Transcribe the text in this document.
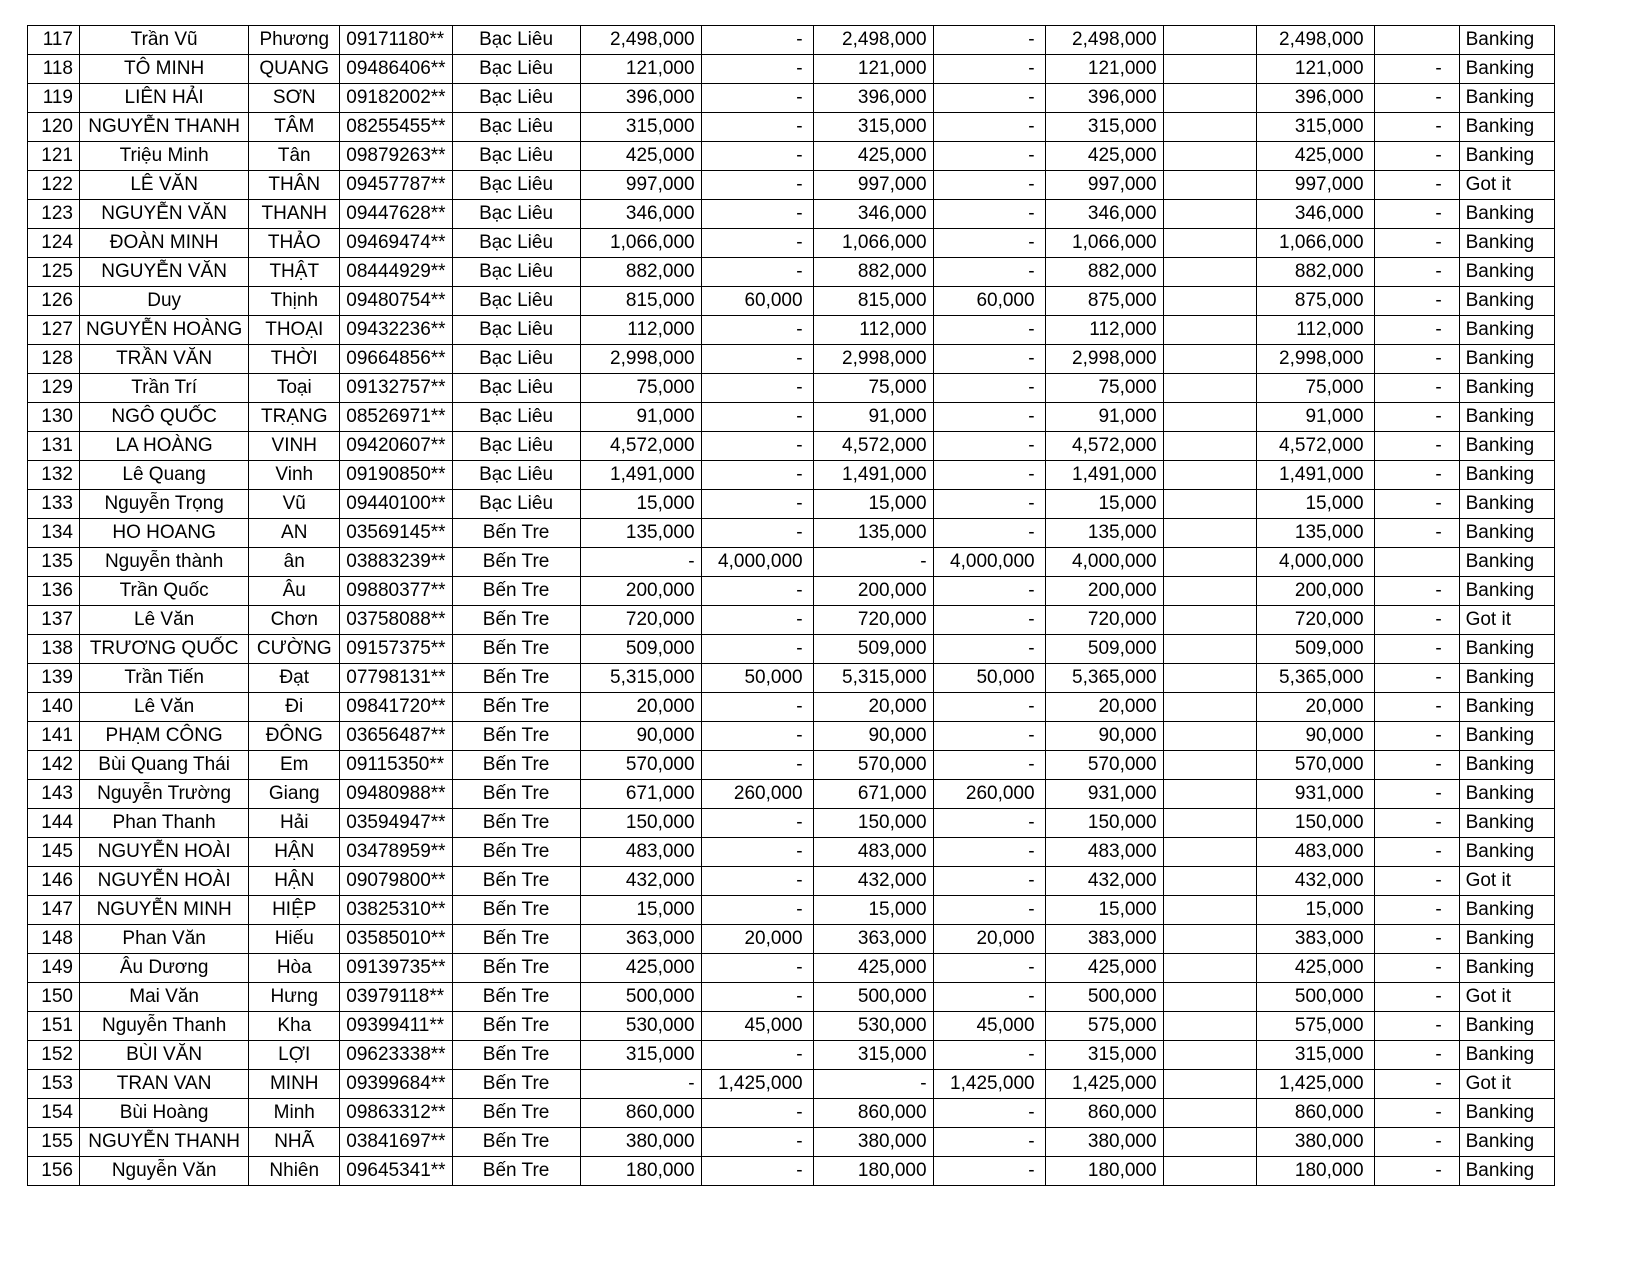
117	Trần Vũ	Phương	09171180**	Bạc Liêu	2,498,000	-	2,498,000	-	2,498,000		2,498,000		Banking
118	TÔ MINH	QUANG	09486406**	Bạc Liêu	121,000	-	121,000	-	121,000		121,000	-	Banking
119	LIÊN HẢI	SƠN	09182002**	Bạc Liêu	396,000	-	396,000	-	396,000		396,000	-	Banking
120	NGUYỄN THANH	TÂM	08255455**	Bạc Liêu	315,000	-	315,000	-	315,000		315,000	-	Banking
121	Triệu Minh	Tân	09879263**	Bạc Liêu	425,000	-	425,000	-	425,000		425,000	-	Banking
122	LÊ VĂN	THÂN	09457787**	Bạc Liêu	997,000	-	997,000	-	997,000		997,000	-	Got it
123	NGUYỄN VĂN	THANH	09447628**	Bạc Liêu	346,000	-	346,000	-	346,000		346,000	-	Banking
124	ĐOÀN MINH	THẢO	09469474**	Bạc Liêu	1,066,000	-	1,066,000	-	1,066,000		1,066,000	-	Banking
125	NGUYỄN VĂN	THẬT	08444929**	Bạc Liêu	882,000	-	882,000	-	882,000		882,000	-	Banking
126	Duy	Thịnh	09480754**	Bạc Liêu	815,000	60,000	815,000	60,000	875,000		875,000	-	Banking
127	NGUYỄN HOÀNG	THOẠI	09432236**	Bạc Liêu	112,000	-	112,000	-	112,000		112,000	-	Banking
128	TRẦN VĂN	THỜI	09664856**	Bạc Liêu	2,998,000	-	2,998,000	-	2,998,000		2,998,000	-	Banking
129	Trần Trí	Toại	09132757**	Bạc Liêu	75,000	-	75,000	-	75,000		75,000	-	Banking
130	NGÔ QUỐC	TRẠNG	08526971**	Bạc Liêu	91,000	-	91,000	-	91,000		91,000	-	Banking
131	LA HOÀNG	VINH	09420607**	Bạc Liêu	4,572,000	-	4,572,000	-	4,572,000		4,572,000	-	Banking
132	Lê Quang	Vinh	09190850**	Bạc Liêu	1,491,000	-	1,491,000	-	1,491,000		1,491,000	-	Banking
133	Nguyễn Trọng	Vũ	09440100**	Bạc Liêu	15,000	-	15,000	-	15,000		15,000	-	Banking
134	HO HOANG	AN	03569145**	Bến Tre	135,000	-	135,000	-	135,000		135,000	-	Banking
135	Nguyễn thành	ân	03883239**	Bến Tre	-	4,000,000	-	4,000,000	4,000,000		4,000,000		Banking
136	Trần Quốc	Âu	09880377**	Bến Tre	200,000	-	200,000	-	200,000		200,000	-	Banking
137	Lê Văn	Chơn	03758088**	Bến Tre	720,000	-	720,000	-	720,000		720,000	-	Got it
138	TRƯƠNG QUỐC	CƯỜNG	09157375**	Bến Tre	509,000	-	509,000	-	509,000		509,000	-	Banking
139	Trần Tiến	Đạt	07798131**	Bến Tre	5,315,000	50,000	5,315,000	50,000	5,365,000		5,365,000	-	Banking
140	Lê Văn	Đi	09841720**	Bến Tre	20,000	-	20,000	-	20,000		20,000	-	Banking
141	PHẠM CÔNG	ĐÔNG	03656487**	Bến Tre	90,000	-	90,000	-	90,000		90,000	-	Banking
142	Bùi Quang Thái	Em	09115350**	Bến Tre	570,000	-	570,000	-	570,000		570,000	-	Banking
143	Nguyễn Trường	Giang	09480988**	Bến Tre	671,000	260,000	671,000	260,000	931,000		931,000	-	Banking
144	Phan Thanh	Hải	03594947**	Bến Tre	150,000	-	150,000	-	150,000		150,000	-	Banking
145	NGUYỄN HOÀI	HẬN	03478959**	Bến Tre	483,000	-	483,000	-	483,000		483,000	-	Banking
146	NGUYỄN HOÀI	HẬN	09079800**	Bến Tre	432,000	-	432,000	-	432,000		432,000	-	Got it
147	NGUYỄN MINH	HIỆP	03825310**	Bến Tre	15,000	-	15,000	-	15,000		15,000	-	Banking
148	Phan Văn	Hiếu	03585010**	Bến Tre	363,000	20,000	363,000	20,000	383,000		383,000	-	Banking
149	Âu Dương	Hòa	09139735**	Bến Tre	425,000	-	425,000	-	425,000		425,000	-	Banking
150	Mai Văn	Hưng	03979118**	Bến Tre	500,000	-	500,000	-	500,000		500,000	-	Got it
151	Nguyễn Thanh	Kha	09399411**	Bến Tre	530,000	45,000	530,000	45,000	575,000		575,000	-	Banking
152	BÙI VĂN	LỢI	09623338**	Bến Tre	315,000	-	315,000	-	315,000		315,000	-	Banking
153	TRAN VAN	MINH	09399684**	Bến Tre	-	1,425,000	-	1,425,000	1,425,000		1,425,000	-	Got it
154	Bùi Hoàng	Minh	09863312**	Bến Tre	860,000	-	860,000	-	860,000		860,000	-	Banking
155	NGUYỄN THANH	NHÃ	03841697**	Bến Tre	380,000	-	380,000	-	380,000		380,000	-	Banking
156	Nguyễn Văn	Nhiên	09645341**	Bến Tre	180,000	-	180,000	-	180,000		180,000	-	Banking
